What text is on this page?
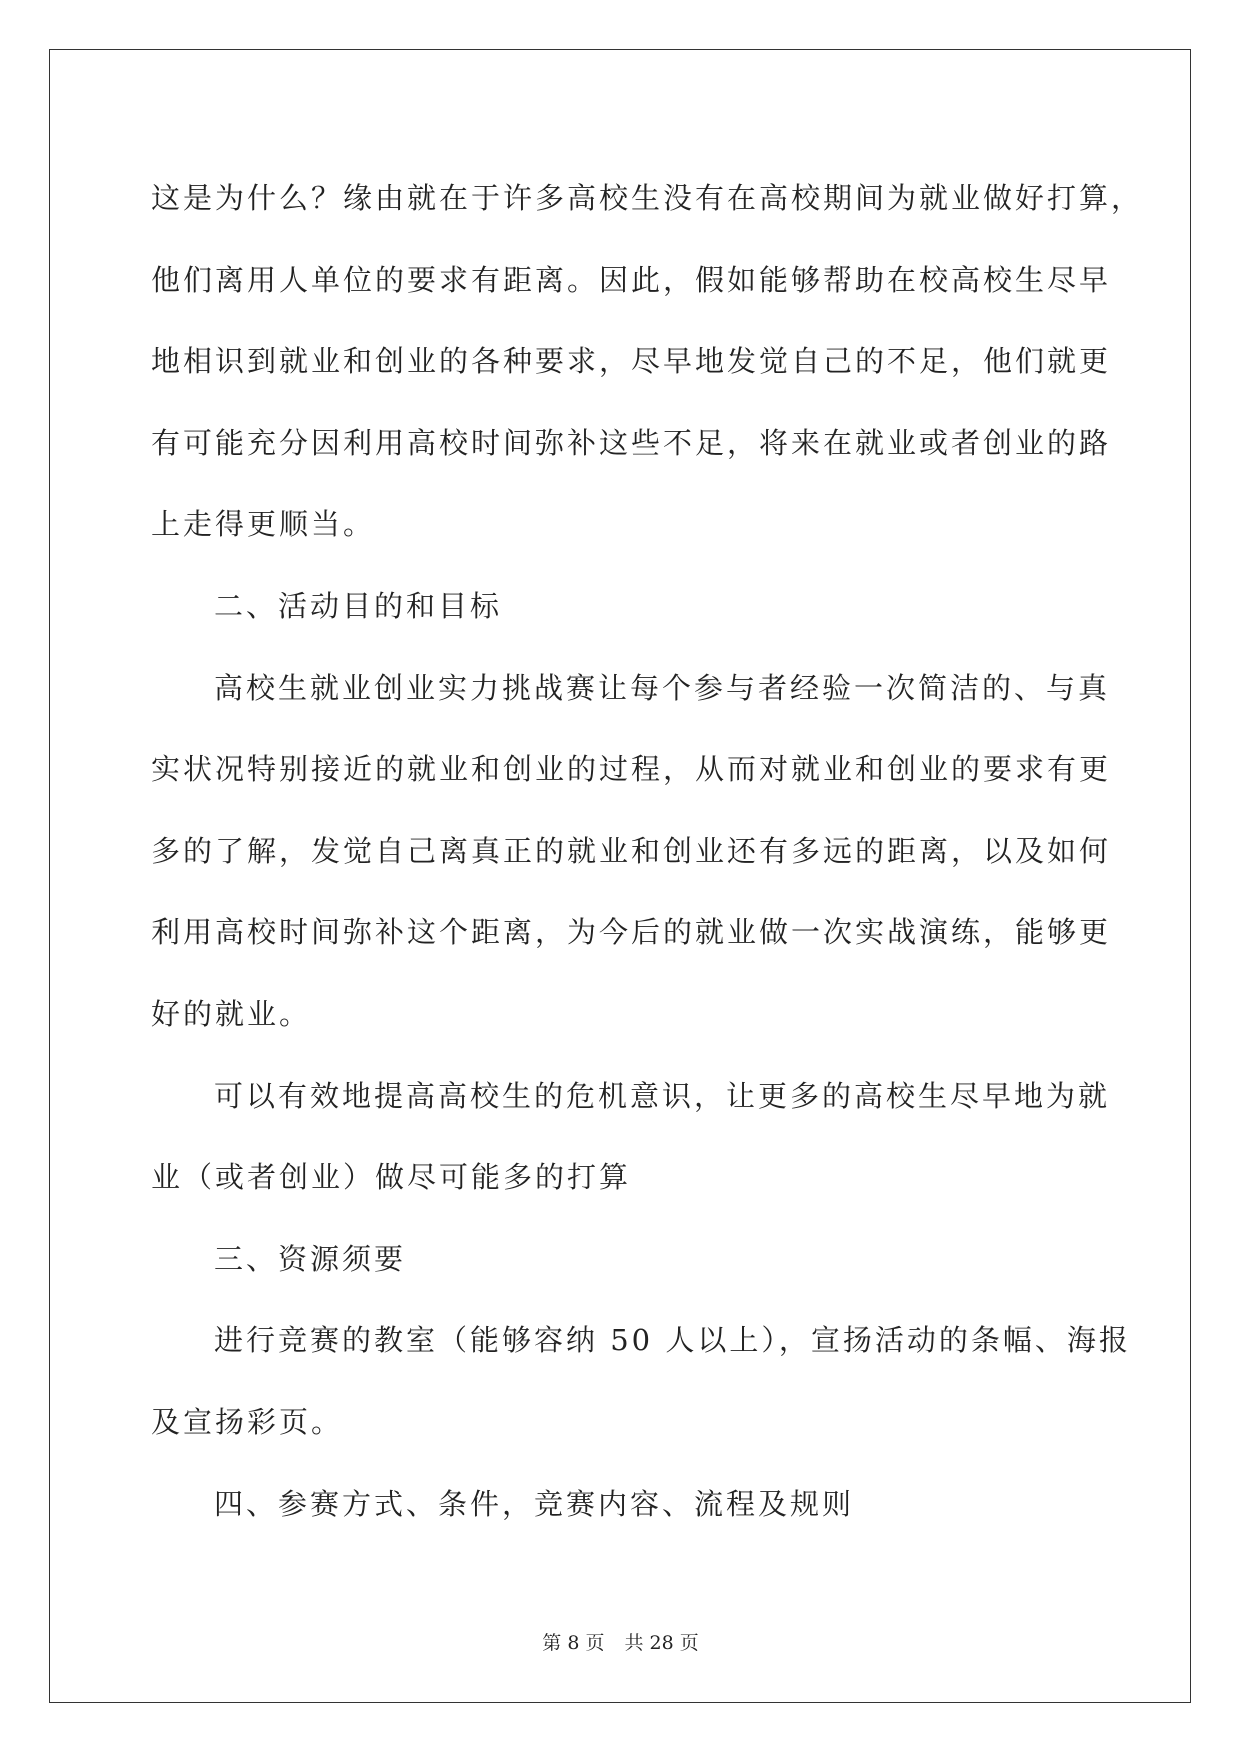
这是为什么？缘由就在于许多高校生没有在高校期间为就业做好打算，

他们离用人单位的要求有距离。因此，假如能够帮助在校高校生尽早

地相识到就业和创业的各种要求，尽早地发觉自己的不足，他们就更

有可能充分因利用高校时间弥补这些不足，将来在就业或者创业的路

上走得更顺当。

二、活动目的和目标

高校生就业创业实力挑战赛让每个参与者经验一次简洁的、与真

实状况特别接近的就业和创业的过程，从而对就业和创业的要求有更

多的了解，发觉自己离真正的就业和创业还有多远的距离，以及如何

利用高校时间弥补这个距离，为今后的就业做一次实战演练，能够更

好的就业。

可以有效地提高高校生的危机意识，让更多的高校生尽早地为就

业（或者创业）做尽可能多的打算

三、资源须要

进行竞赛的教室（能够容纳 50 人以上），宣扬活动的条幅、海报

及宣扬彩页。

四、参赛方式、条件，竞赛内容、流程及规则

第 8 页 共 28 页
